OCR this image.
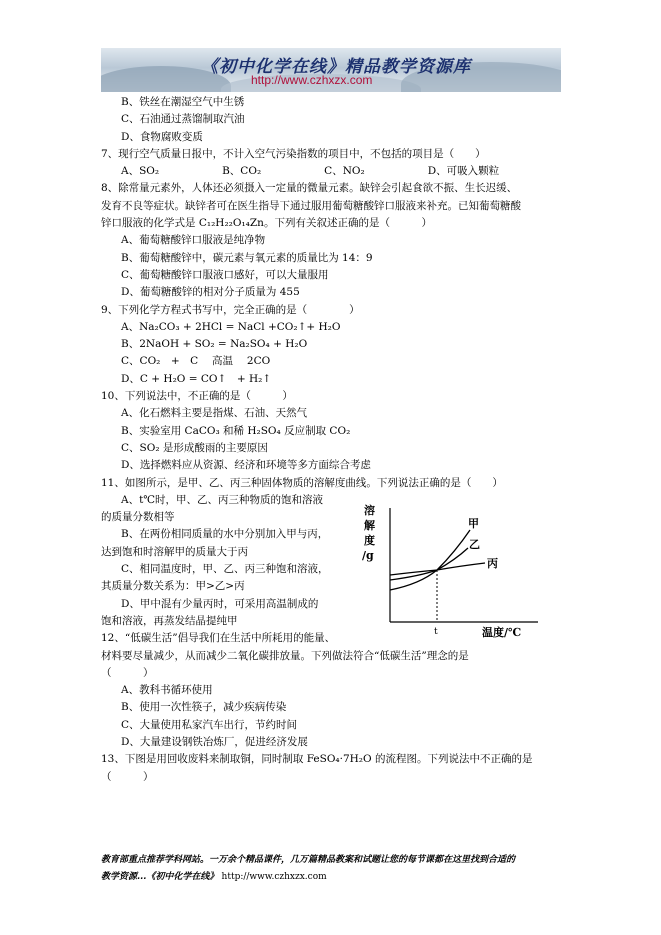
《初中化学在线》精品教学资源库
http://www.czhxzx.com
B、铁丝在潮湿空气中生锈
C、石油通过蒸馏制取汽油
D、食物腐败变质
7、现行空气质量日报中，不计入空气污染指数的项目中，不包括的项目是（　　）
A、SO₂　　　　　　B、CO₂　　　　　　C、NO₂　　　　　　D、可吸入颗粒
8、除常量元素外，人体还必须摄入一定量的微量元素。缺锌会引起食欲不振、生长迟缓、
发育不良等症状。缺锌者可在医生指导下通过服用葡萄糖酸锌口服液来补充。已知葡萄糖酸
锌口服液的化学式是 C₁₂H₂₂O₁₄Zn。下列有关叙述正确的是（　　　）
A、葡萄糖酸锌口服液是纯净物
B、葡萄糖酸锌中，碳元素与氧元素的质量比为 14：9
C、葡萄糖酸锌口服液口感好，可以大量服用
D、葡萄糖酸锌的相对分子质量为 455
9、下列化学方程式书写中，完全正确的是（　　　　）
A、Na₂CO₃ + 2HCl = NaCl +CO₂↑+ H₂O
B、2NaOH + SO₂ = Na₂SO₄ + H₂O
C、CO₂　+　C　 高温　 2CO
D、C + H₂O = CO↑　+ H₂↑
10、下列说法中，不正确的是（　　　）
A、化石燃料主要是指煤、石油、天然气
B、实验室用 CaCO₃ 和稀 H₂SO₄ 反应制取 CO₂
C、SO₂ 是形成酸雨的主要原因
D、选择燃料应从资源、经济和环境等多方面综合考虑
11、如图所示，是甲、乙、丙三种固体物质的溶解度曲线。下列说法正确的是（　　）
A、t℃时，甲、乙、丙三种物质的饱和溶液
的质量分数相等
B、在两份相同质量的水中分别加入甲与丙，
达到饱和时溶解甲的质量大于丙
C、相同温度时，甲、乙、丙三种饱和溶液，
其质量分数关系为：甲>乙>丙
D、甲中混有少量丙时，可采用高温制成的
饱和溶液，再蒸发结晶提纯甲
12、“低碳生活”倡导我们在生活中所耗用的能量、
材料要尽量减少，从而减少二氧化碳排放量。下列做法符合“低碳生活”理念的是
（　　　）
A、教科书循环使用
B、使用一次性筷子，减少疾病传染
C、大量使用私家汽车出行，节约时间
D、大量建设钢铁冶炼厂，促进经济发展
13、下图是用回收废料来制取铜，同时制取 FeSO₄·7H₂O 的流程图。下列说法中不正确的是
（　　　）
溶
解
度
/g
温度/℃
t
甲
乙
丙
教育部重点推荐学科网站。一万余个精品课件，几万篇精品教案和试题让您的每节课都在这里找到合适的
教学资源...《初中化学在线》 http://www.czhxzx.com
